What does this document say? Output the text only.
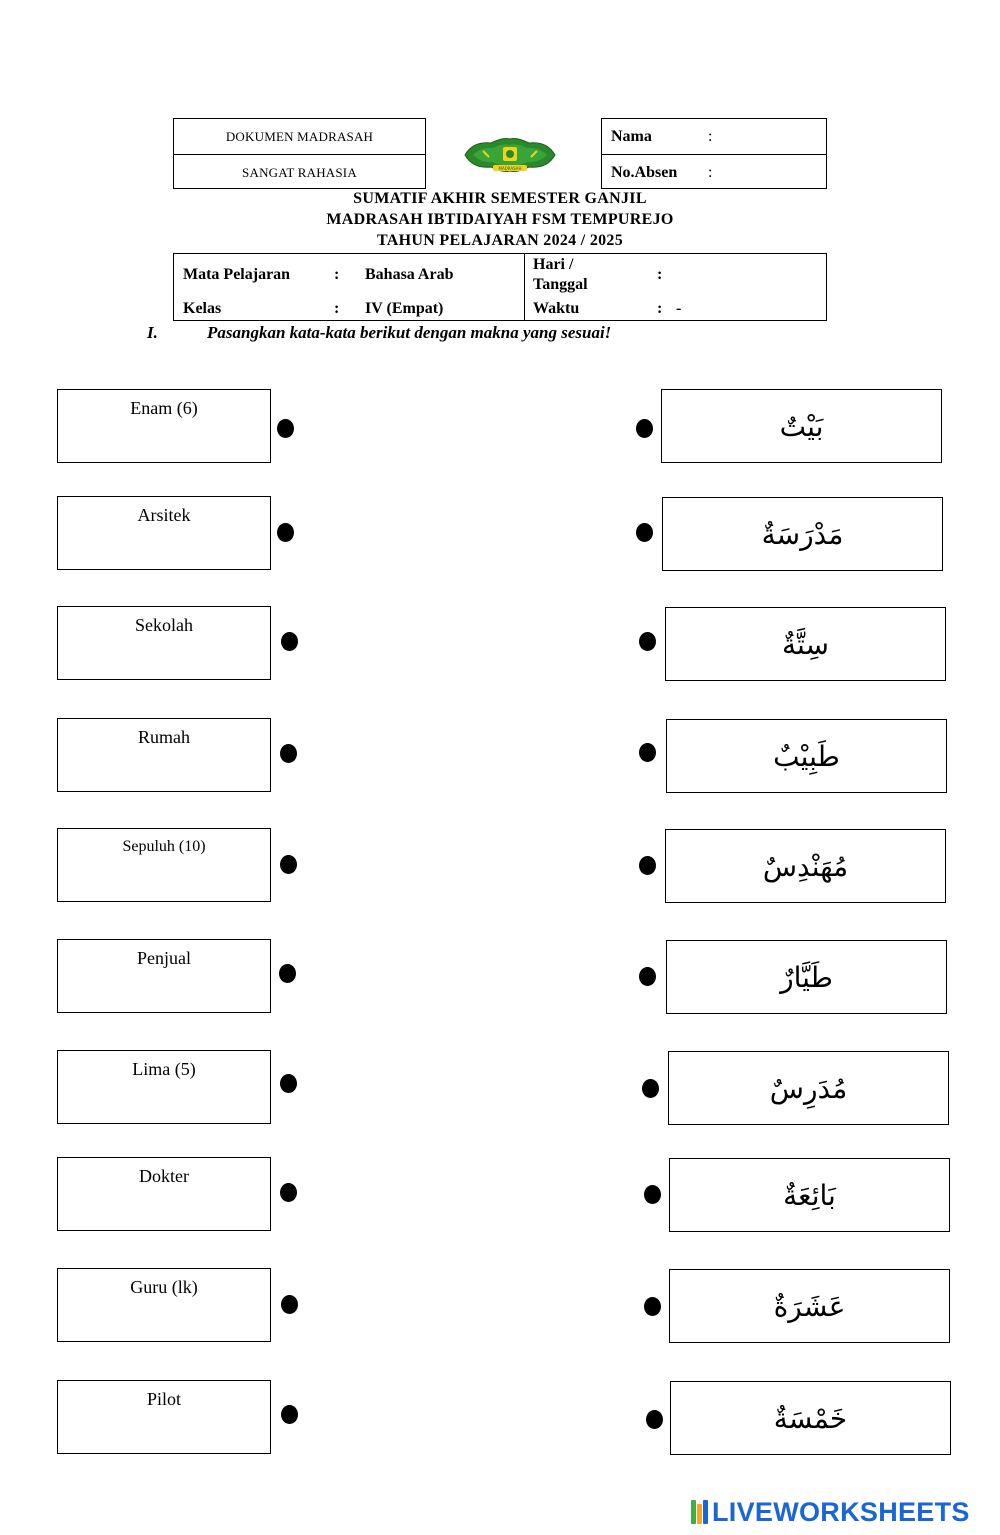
DOKUMEN MADRASAH
SANGAT RAHASIA	MADRASAH
Nama	:
No.Absen	:
SUMATIF AKHIR SEMESTER GANJIL
MADRASAH IBTIDAIYAH FSM TEMPUREJO
TAHUN PELAJARAN 2024 / 2025
Mata Pelajaran	: Bahasa Arab
Kelas	: IV (Empat)
Hari /
Tanggal
:
Waktu	: -
I.	Pasangkan kata-kata berikut dengan makna yang sesuai!
Enam (6)
بَيْتٌ
Arsitek
مَدْرَسَةٌ
Sekolah
سِتَّةٌ
Rumah
طَبِيْبٌ
Sepuluh (10)
مُهَنْدِسٌ
Penjual
طَيَّارٌ
Lima (5)
مُدَرِسٌ
Dokter
بَائِعَةٌ
Guru (lk)
عَشَرَةٌ
Pilot
خَمْسَةٌ
LIVEWORKSHEETS
